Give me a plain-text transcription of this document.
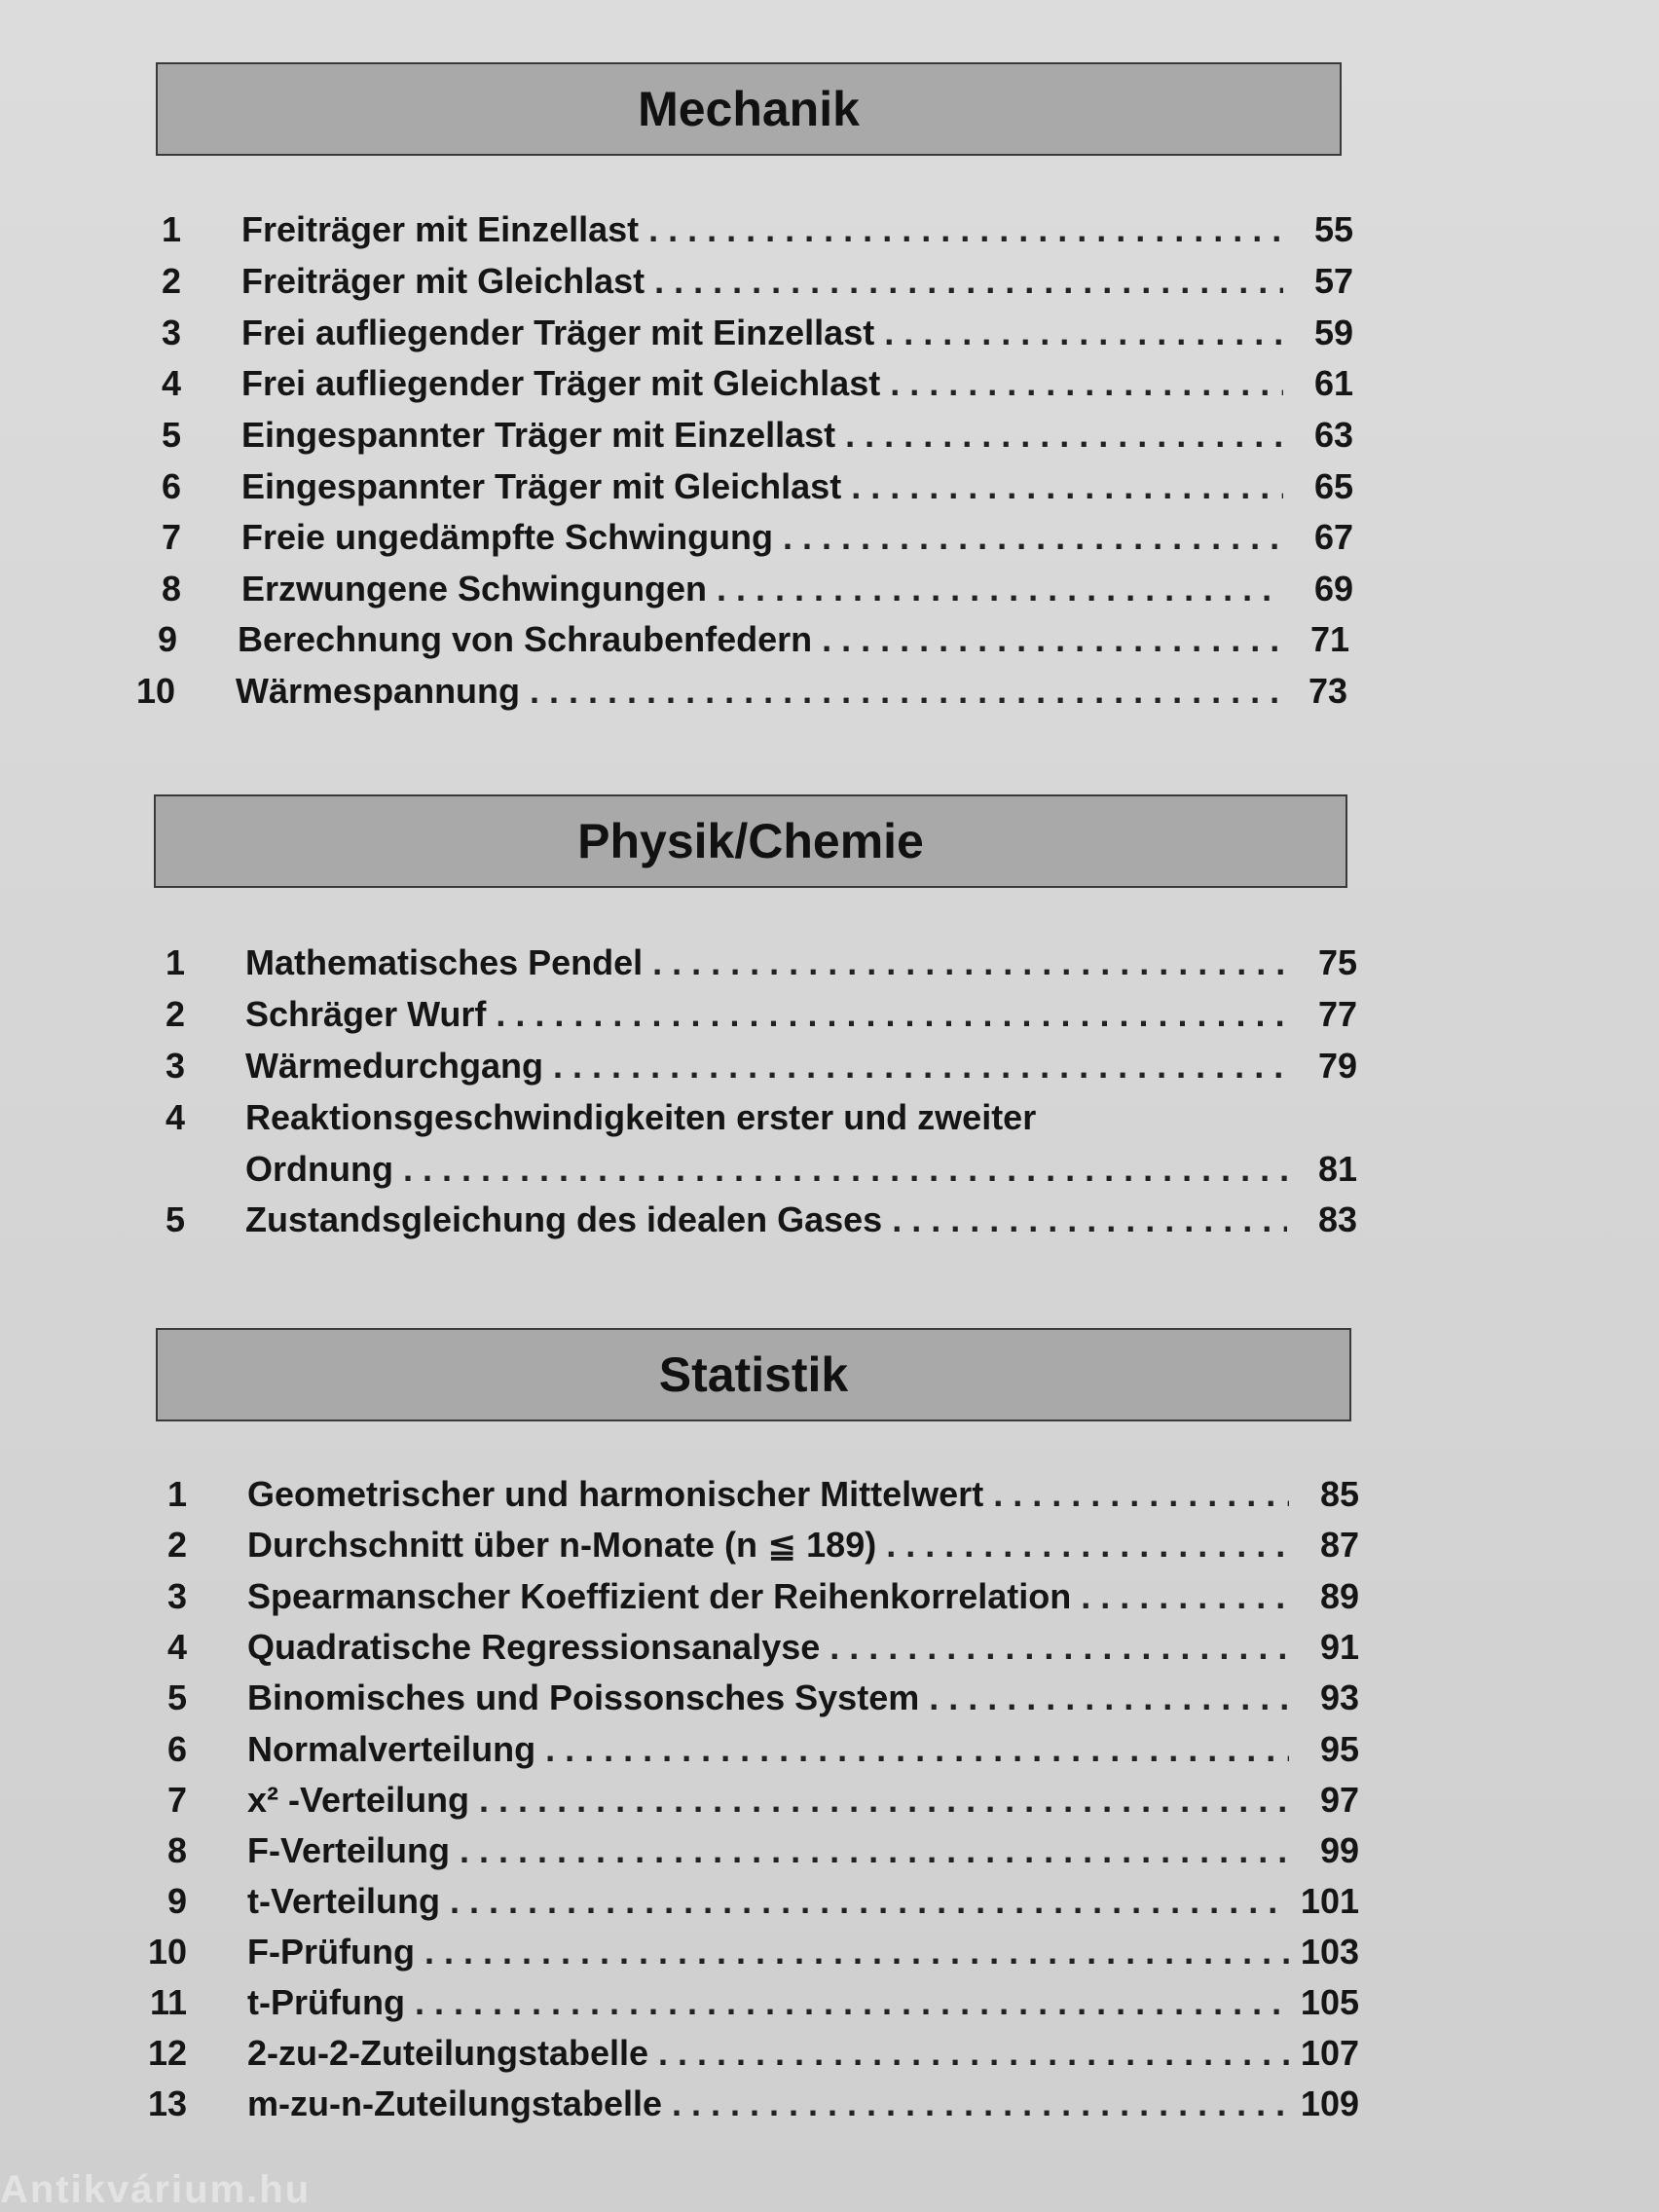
Mechanik
Physik/Chemie
Statistik
1 Freiträger mit Einzellast . . .	55
2 Freiträger mit Gleichlast . . .	57
3 Frei aufliegender Träger mit Einzellast . . .	59
4 Frei aufliegender Träger mit Gleichlast . . .	61
5 Eingespannter Träger mit Einzellast . . .	63
6 Eingespannter Träger mit Gleichlast . . .	65
7 Freie ungedämpfte Schwingung . . .	67
8 Erzwungene Schwingungen . . .	69
9 Berechnung von Schraubenfedern . . .	71
10 Wärmespannung . . .	73
1 Mathematisches Pendel . . .	75
2 Schräger Wurf . . .	77
3 Wärmedurchgang . . .	79
4 Reaktionsgeschwindigkeiten erster und zweiter
Ordnung . . .	81
5 Zustandsgleichung des idealen Gases . . .	83
1 Geometrischer und harmonischer Mittelwert . . .	85
2 Durchschnitt über n-Monate (n ≦ 189) . . .	87
3 Spearmanscher Koeffizient der Reihenkorrelation . . .	89
4 Quadratische Regressionsanalyse . . .	91
5 Binomisches und Poissonsches System . . .	93
6 Normalverteilung . . .	95
7 x² -Verteilung . . .	97
8 F-Verteilung . . .	99
9 t-Verteilung . . .	101
10 F-Prüfung . . .	103
11 t-Prüfung . . .	105
12 2-zu-2-Zuteilungstabelle . . .	107
13 m-zu-n-Zuteilungstabelle . . .	109
Antikvárium.hu
